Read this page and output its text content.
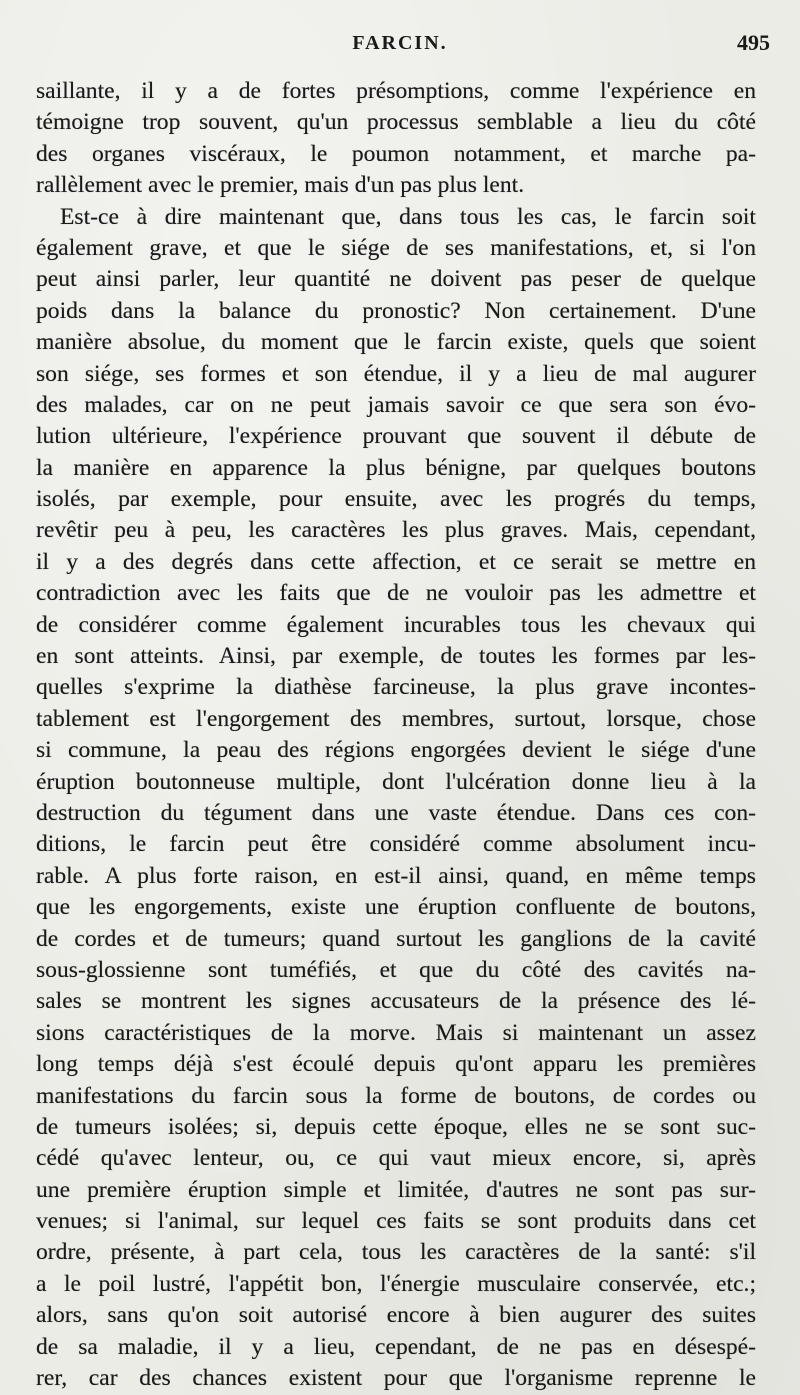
FARCIN.	495
saillante, il y a de fortes présomptions, comme l'expérience en
témoigne trop souvent, qu'un processus semblable a lieu du côté
des organes viscéraux, le poumon notamment, et marche pa-
rallèlement avec le premier, mais d'un pas plus lent.
Est-ce à dire maintenant que, dans tous les cas, le farcin soit
également grave, et que le siége de ses manifestations, et, si l'on
peut ainsi parler, leur quantité ne doivent pas peser de quelque
poids dans la balance du pronostic? Non certainement. D'une
manière absolue, du moment que le farcin existe, quels que soient
son siége, ses formes et son étendue, il y a lieu de mal augurer
des malades, car on ne peut jamais savoir ce que sera son évo-
lution ultérieure, l'expérience prouvant que souvent il débute de
la manière en apparence la plus bénigne, par quelques boutons
isolés, par exemple, pour ensuite, avec les progrés du temps,
revêtir peu à peu, les caractères les plus graves. Mais, cependant,
il y a des degrés dans cette affection, et ce serait se mettre en
contradiction avec les faits que de ne vouloir pas les admettre et
de considérer comme également incurables tous les chevaux qui
en sont atteints. Ainsi, par exemple, de toutes les formes par les-
quelles s'exprime la diathèse farcineuse, la plus grave incontes-
tablement est l'engorgement des membres, surtout, lorsque, chose
si commune, la peau des régions engorgées devient le siége d'une
éruption boutonneuse multiple, dont l'ulcération donne lieu à la
destruction du tégument dans une vaste étendue. Dans ces con-
ditions, le farcin peut être considéré comme absolument incu-
rable. A plus forte raison, en est-il ainsi, quand, en même temps
que les engorgements, existe une éruption confluente de boutons,
de cordes et de tumeurs; quand surtout les ganglions de la cavité
sous-glossienne sont tuméfiés, et que du côté des cavités na-
sales se montrent les signes accusateurs de la présence des lé-
sions caractéristiques de la morve. Mais si maintenant un assez
long temps déjà s'est écoulé depuis qu'ont apparu les premières
manifestations du farcin sous la forme de boutons, de cordes ou
de tumeurs isolées; si, depuis cette époque, elles ne se sont suc-
cédé qu'avec lenteur, ou, ce qui vaut mieux encore, si, après
une première éruption simple et limitée, d'autres ne sont pas sur-
venues; si l'animal, sur lequel ces faits se sont produits dans cet
ordre, présente, à part cela, tous les caractères de la santé: s'il
a le poil lustré, l'appétit bon, l'énergie musculaire conservée, etc.;
alors, sans qu'on soit autorisé encore à bien augurer des suites
de sa maladie, il y a lieu, cependant, de ne pas en désespé-
rer, car des chances existent pour que l'organisme reprenne le
